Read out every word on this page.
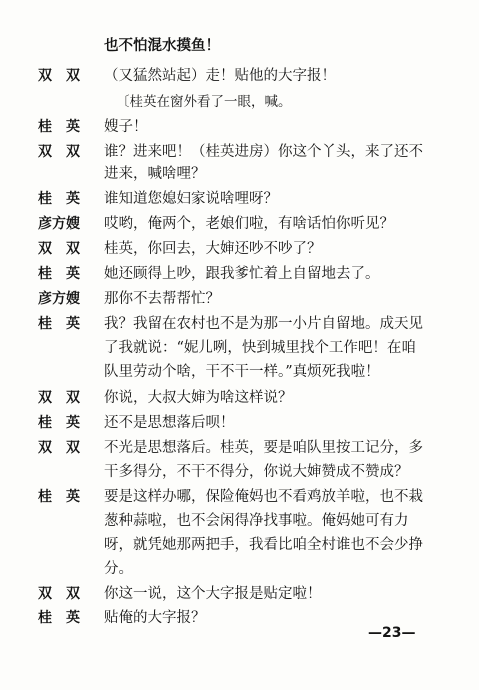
也不怕混水摸鱼！
双　双 （又猛然站起）走！贴他的大字报！
〔桂英在窗外看了一眼，喊。
桂　英 嫂子！
双　双 谁？进来吧！（桂英进房）你这个丫头，来了还不
进来，喊啥哩？
桂　英 谁知道您媳妇家说啥哩呀？
彦方嫂 哎哟，俺两个，老娘们啦，有啥话怕你听见？
双　双 桂英，你回去，大婶还吵不吵了？
桂　英 她还顾得上吵，跟我爹忙着上自留地去了。
彦方嫂 那你不去帮帮忙？
桂　英 我？我留在农村也不是为那一小片自留地。成天见
了我就说：“妮儿咧，快到城里找个工作吧！在咱
队里劳动个啥，干不干一样。”真烦死我啦！
双　双 你说，大叔大婶为啥这样说？
桂　英 还不是思想落后呗！
双　双 不光是思想落后。桂英，要是咱队里按工记分，多
干多得分，不干不得分，你说大婶赞成不赞成？
桂　英 要是这样办哪，保险俺妈也不看鸡放羊啦，也不栽
葱种蒜啦，也不会闲得净找事啦。俺妈她可有力
呀，就凭她那两把手，我看比咱全村谁也不会少挣
分。
双　双 你这一说，这个大字报是贴定啦！
桂　英 贴俺的大字报？
—23—
